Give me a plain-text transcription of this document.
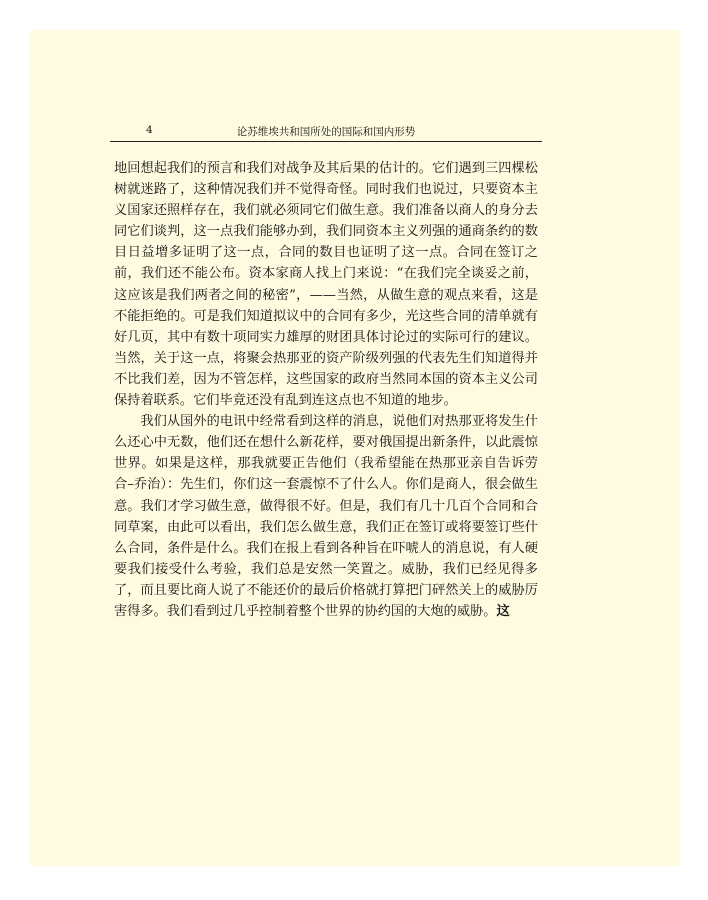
4	论苏维埃共和国所处的国际和国内形势

地回想起我们的预言和我们对战争及其后果的估计的。它们遇到三四棵松树就迷路了，这种情况我们并不觉得奇怪。同时我们也说过，只要资本主义国家还照样存在，我们就必须同它们做生意。我们准备以商人的身分去同它们谈判，这一点我们能够办到，我们同资本主义列强的通商条约的数目日益增多证明了这一点，合同的数目也证明了这一点。合同在签订之前，我们还不能公布。资本家商人找上门来说：“在我们完全谈妥之前，这应该是我们两者之间的秘密”，——当然，从做生意的观点来看，这是不能拒绝的。可是我们知道拟议中的合同有多少，光这些合同的清单就有好几页，其中有数十项同实力雄厚的财团具体讨论过的实际可行的建议。当然，关于这一点，将聚会热那亚的资产阶级列强的代表先生们知道得并不比我们差，因为不管怎样，这些国家的政府当然同本国的资本主义公司保持着联系。它们毕竟还没有乱到连这点也不知道的地步。

我们从国外的电讯中经常看到这样的消息，说他们对热那亚将发生什么还心中无数，他们还在想什么新花样，要对俄国提出新条件，以此震惊世界。如果是这样，那我就要正告他们（我希望能在热那亚亲自告诉劳合–乔治）：先生们，你们这一套震惊不了什么人。你们是商人，很会做生意。我们才学习做生意，做得很不好。但是，我们有几十几百个合同和合同草案，由此可以看出，我们怎么做生意，我们正在签订或将要签订些什么合同，条件是什么。我们在报上看到各种旨在吓唬人的消息说，有人硬要我们接受什么考验，我们总是安然一笑置之。威胁，我们已经见得多了，而且要比商人说了不能还价的最后价格就打算把门砰然关上的威胁厉害得多。我们看到过几乎控制着整个世界的协约国的大炮的威胁。这
